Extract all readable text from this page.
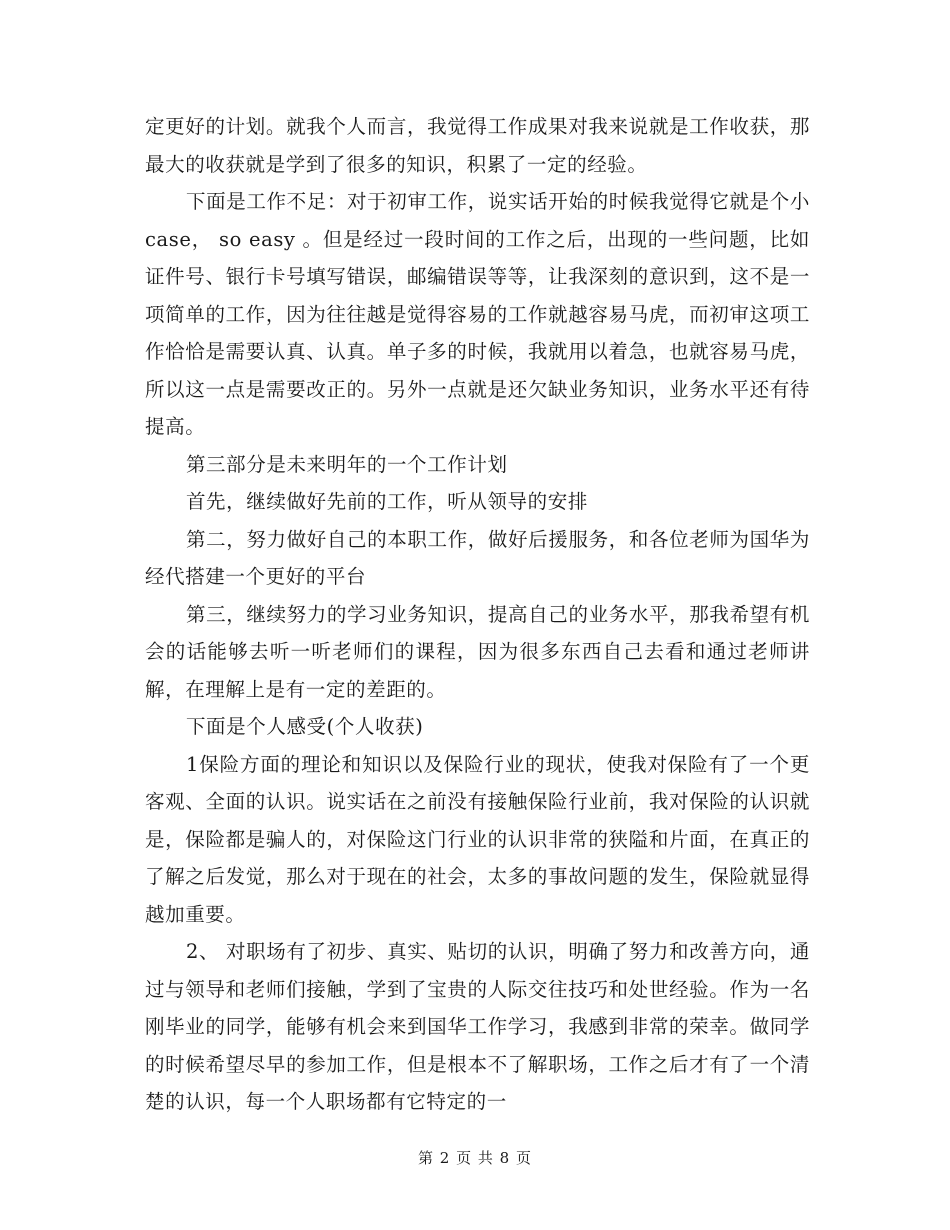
定更好的计划。就我个人而言，我觉得工作成果对我来说就是工作收获，那最大的收获就是学到了很多的知识，积累了一定的经验。

下面是工作不足：对于初审工作，说实话开始的时候我觉得它就是个小case， so easy 。但是经过一段时间的工作之后，出现的一些问题，比如证件号、银行卡号填写错误，邮编错误等等，让我深刻的意识到，这不是一项简单的工作，因为往往越是觉得容易的工作就越容易马虎，而初审这项工作恰恰是需要认真、认真。单子多的时候，我就用以着急，也就容易马虎，所以这一点是需要改正的。另外一点就是还欠缺业务知识，业务水平还有待提高。

第三部分是未来明年的一个工作计划

首先，继续做好先前的工作，听从领导的安排

第二，努力做好自己的本职工作，做好后援服务，和各位老师为国华为经代搭建一个更好的平台

第三，继续努力的学习业务知识，提高自己的业务水平，那我希望有机会的话能够去听一听老师们的课程，因为很多东西自己去看和通过老师讲解，在理解上是有一定的差距的。

下面是个人感受(个人收获)

1保险方面的理论和知识以及保险行业的现状，使我对保险有了一个更客观、全面的认识。说实话在之前没有接触保险行业前，我对保险的认识就是，保险都是骗人的，对保险这门行业的认识非常的狭隘和片面，在真正的了解之后发觉，那么对于现在的社会，太多的事故问题的发生，保险就显得越加重要。

2、 对职场有了初步、真实、贴切的认识，明确了努力和改善方向，通过与领导和老师们接触，学到了宝贵的人际交往技巧和处世经验。作为一名刚毕业的同学，能够有机会来到国华工作学习，我感到非常的荣幸。做同学的时候希望尽早的参加工作，但是根本不了解职场，工作之后才有了一个清楚的认识，每一个人职场都有它特定的一

第 2 页 共 8 页
